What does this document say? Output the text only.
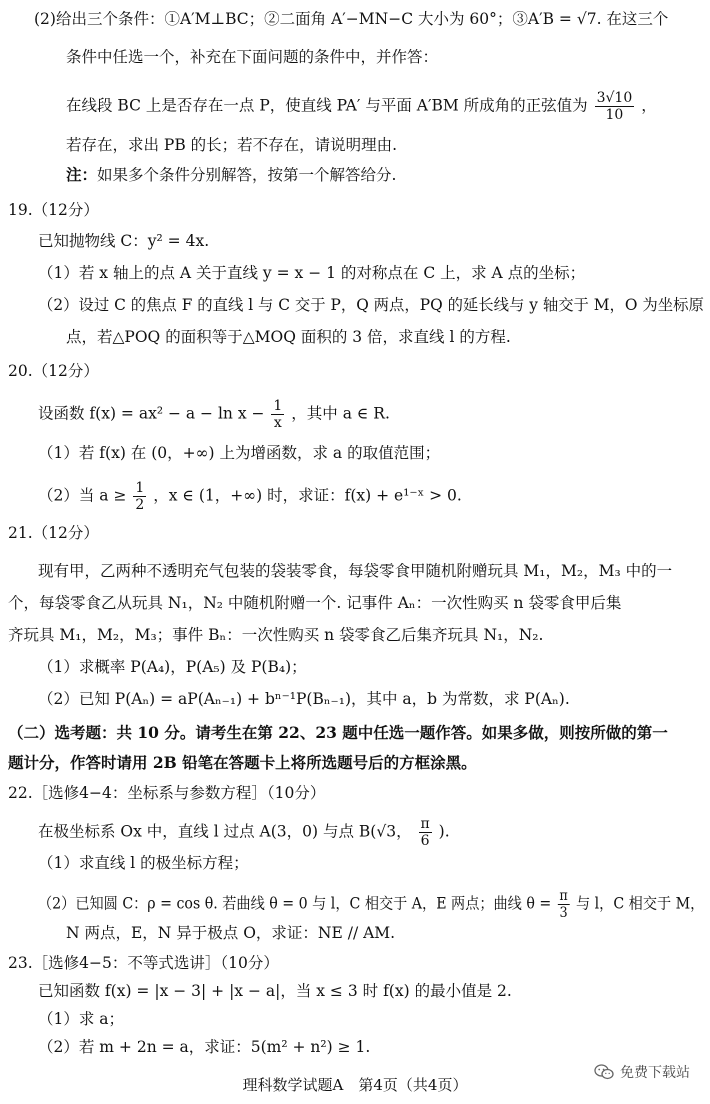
(2)给出三个条件：①A′M⊥BC；②二面角 A′−MN−C 大小为 60°；③A′B = √7. 在这三个
条件中任选一个，补充在下面问题的条件中，并作答：
在线段 BC 上是否存在一点 P，使直线 PA′ 与平面 A′BM 所成角的正弦值为 $\frac{3√10}{10}$ ，
若存在，求出 PB 的长；若不存在，请说明理由.
注：如果多个条件分别解答，按第一个解答给分.
19.（12分）
已知抛物线 C：y² = 4x.
（1）若 x 轴上的点 A 关于直线 y = x − 1 的对称点在 C 上，求 A 点的坐标；
（2）设过 C 的焦点 F 的直线 l 与 C 交于 P，Q 两点，PQ 的延长线与 y 轴交于 M，O 为坐标原
点，若△POQ 的面积等于△MOQ 面积的 3 倍，求直线 l 的方程.
20.（12分）
设函数 $f(x) = ax^2 - a - \ln x - \frac{1}{x}$ ，其中 a ∈ R.
（1）若 f(x) 在 (0，+∞) 上为增函数，求 a 的取值范围；
（2）当 $a \ge \frac{1}{2}$ ，x ∈ (1，+∞) 时，求证：f(x) + e¹⁻ˣ > 0.
21.（12分）
现有甲，乙两种不透明充气包装的袋装零食，每袋零食甲随机附赠玩具 M₁，M₂，M₃ 中的一
个，每袋零食乙从玩具 N₁，N₂ 中随机附赠一个. 记事件 Aₙ：一次性购买 n 袋零食甲后集
齐玩具 M₁，M₂，M₃；事件 Bₙ：一次性购买 n 袋零食乙后集齐玩具 N₁，N₂.
（1）求概率 P(A₄)，P(A₅) 及 P(B₄)；
（2）已知 P(Aₙ) = aP(Aₙ₋₁) + bⁿ⁻¹P(Bₙ₋₁)，其中 a，b 为常数，求 P(Aₙ).
（二）选考题：共 10 分。请考生在第 22、23 题中任选一题作答。如果多做，则按所做的第一
题计分，作答时请用 2B 铅笔在答题卡上将所选题号后的方框涂黑。
22.［选修4−4：坐标系与参数方程］（10分）
在极坐标系 Ox 中，直线 l 过点 A(3，0) 与点 B(√3， $\frac{\pi}{6}$ ).
（1）求直线 l 的极坐标方程；
（2）已知圆 C：ρ = cos θ. 若曲线 θ = 0 与 l，C 相交于 A，E 两点；曲线 $\theta = \frac{\pi}{3}$ 与 l，C 相交于 M，
N 两点，E，N 异于极点 O，求证：NE // AM.
23.［选修4−5：不等式选讲］（10分）
已知函数 f(x) = |x − 3| + |x − a|，当 x ≤ 3 时 f(x) 的最小值是 2.
（1）求 a；
（2）若 m + 2n = a，求证：5(m² + n²) ≥ 1.
理科数学试题A　第4页（共4页）
免费下载站
